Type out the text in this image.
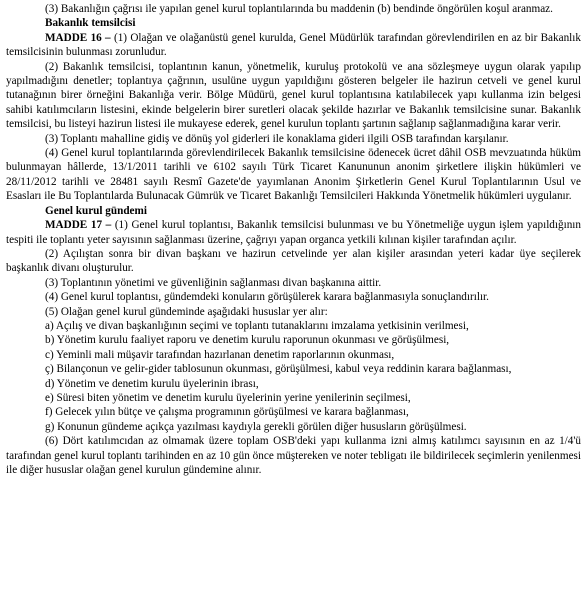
(3) Bakanlığın çağrısı ile yapılan genel kurul toplantılarında bu maddenin (b) bendinde öngörülen koşul aranmaz.

Bakanlık temsilcisi

MADDE 16 – (1) Olağan ve olağanüstü genel kurulda, Genel Müdürlük tarafından görevlendirilen en az bir Bakanlık temsilcisinin bulunması zorunludur.

(2) Bakanlık temsilcisi, toplantının kanun, yönetmelik, kuruluş protokolü ve ana sözleşmeye uygun olarak yapılıp yapılmadığını denetler; toplantıya çağrının, usulüne uygun yapıldığını gösteren belgeler ile hazirun cetveli ve genel kurul tutanağının birer örneğini Bakanlığa verir. Bölge Müdürü, genel kurul toplantısına katılabilecek yapı kullanma izin belgesi sahibi katılımcıların listesini, ekinde belgelerin birer suretleri olacak şekilde hazırlar ve Bakanlık temsilcisine sunar. Bakanlık temsilcisi, bu listeyi hazirun listesi ile mukayese ederek, genel kurulun toplantı şartının sağlanıp sağlanmadığına karar verir.

(3) Toplantı mahalline gidiş ve dönüş yol giderleri ile konaklama gideri ilgili OSB tarafından karşılanır.

(4) Genel kurul toplantılarında görevlendirilecek Bakanlık temsilcisine ödenecek ücret dâhil OSB mevzuatında hüküm bulunmayan hâllerde, 13/1/2011 tarihli ve 6102 sayılı Türk Ticaret Kanununun anonim şirketlere ilişkin hükümleri ve 28/11/2012 tarihli ve 28481 sayılı Resmî Gazete'de yayımlanan Anonim Şirketlerin Genel Kurul Toplantılarının Usul ve Esasları ile Bu Toplantılarda Bulunacak Gümrük ve Ticaret Bakanlığı Temsilcileri Hakkında Yönetmelik hükümleri uygulanır.

Genel kurul gündemi

MADDE 17 – (1) Genel kurul toplantısı, Bakanlık temsilcisi bulunması ve bu Yönetmeliğe uygun işlem yapıldığının tespiti ile toplantı yeter sayısının sağlanması üzerine, çağrıyı yapan organca yetkili kılınan kişiler tarafından açılır.

(2) Açılıştan sonra bir divan başkanı ve hazirun cetvelinde yer alan kişiler arasından yeteri kadar üye seçilerek başkanlık divanı oluşturulur.

(3) Toplantının yönetimi ve güvenliğinin sağlanması divan başkanına aittir.

(4) Genel kurul toplantısı, gündemdeki konuların görüşülerek karara bağlanmasıyla sonuçlandırılır.

(5) Olağan genel kurul gündeminde aşağıdaki hususlar yer alır:

a) Açılış ve divan başkanlığının seçimi ve toplantı tutanaklarını imzalama yetkisinin verilmesi,

b) Yönetim kurulu faaliyet raporu ve denetim kurulu raporunun okunması ve görüşülmesi,

c) Yeminli mali müşavir tarafından hazırlanan denetim raporlarının okunması,

ç) Bilançonun ve gelir-gider tablosunun okunması, görüşülmesi, kabul veya reddinin karara bağlanması,

d) Yönetim ve denetim kurulu üyelerinin ibrası,

e) Süresi biten yönetim ve denetim kurulu üyelerinin yerine yenilerinin seçilmesi,

f) Gelecek yılın bütçe ve çalışma programının görüşülmesi ve karara bağlanması,

g) Konunun gündeme açıkça yazılması kaydıyla gerekli görülen diğer hususların görüşülmesi.

(6) Dört katılımcıdan az olmamak üzere toplam OSB'deki yapı kullanma izni almış katılımcı sayısının en az 1/4'ü tarafından genel kurul toplantı tarihinden en az 10 gün önce müştereken ve noter tebligatı ile bildirilecek seçimlerin yenilenmesi ile diğer hususlar olağan genel kurulun gündemine alınır.
